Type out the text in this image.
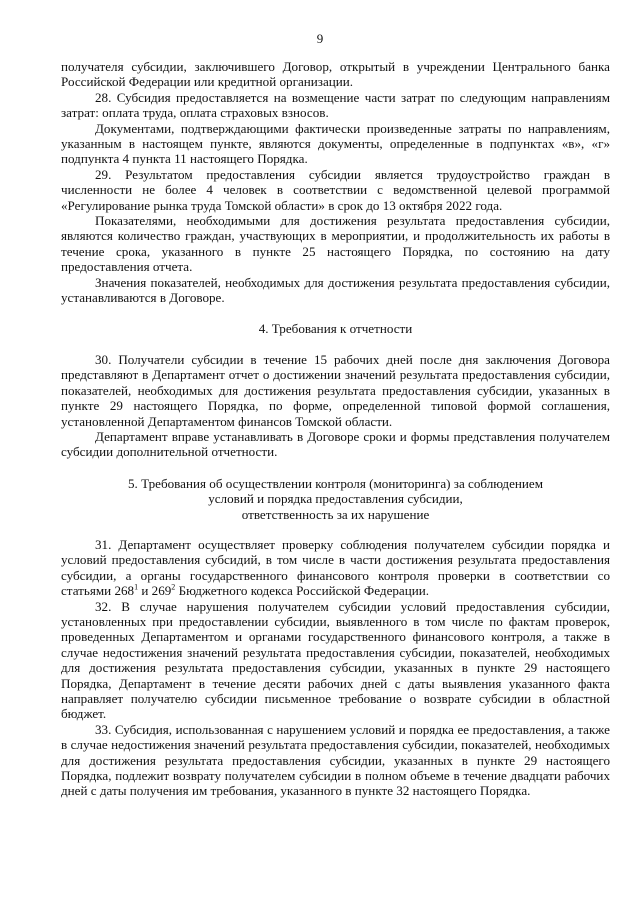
9

получателя субсидии, заключившего Договор, открытый в учреждении Центрального банка Российской Федерации или кредитной организации.

28. Субсидия предоставляется на возмещение части затрат по следующим направлениям затрат: оплата труда, оплата страховых взносов.

Документами, подтверждающими фактически произведенные затраты по направлениям, указанным в настоящем пункте, являются документы, определенные в подпунктах «в», «г» подпункта 4 пункта 11 настоящего Порядка.

29. Результатом предоставления субсидии является трудоустройство граждан в численности не более 4 человек в соответствии с ведомственной целевой программой «Регулирование рынка труда Томской области» в срок до 13 октября 2022 года.

Показателями, необходимыми для достижения результата предоставления субсидии, являются количество граждан, участвующих в мероприятии, и продолжительность их работы в течение срока, указанного в пункте 25 настоящего Порядка, по состоянию на дату предоставления отчета.

Значения показателей, необходимых для достижения результата предоставления субсидии, устанавливаются в Договоре.

4. Требования к отчетности

30. Получатели субсидии в течение 15 рабочих дней после дня заключения Договора представляют в Департамент отчет о достижении значений результата предоставления субсидии, показателей, необходимых для достижения результата предоставления субсидии, указанных в пункте 29 настоящего Порядка, по форме, определенной типовой формой соглашения, установленной Департаментом финансов Томской области.

Департамент вправе устанавливать в Договоре сроки и формы представления получателем субсидии дополнительной отчетности.

5. Требования об осуществлении контроля (мониторинга) за соблюдением
условий и порядка предоставления субсидии,
ответственность за их нарушение

31. Департамент осуществляет проверку соблюдения получателем субсидии порядка и условий предоставления субсидий, в том числе в части достижения результата предоставления субсидии, а органы государственного финансового контроля проверки в соответствии со статьями $268^1$ и $269^2$ Бюджетного кодекса Российской Федерации.

32. В случае нарушения получателем субсидии условий предоставления субсидии, установленных при предоставлении субсидии, выявленного в том числе по фактам проверок, проведенных Департаментом и органами государственного финансового контроля, а также в случае недостижения значений результата предоставления субсидии, показателей, необходимых для достижения результата предоставления субсидии, указанных в пункте 29 настоящего Порядка, Департамент в течение десяти рабочих дней с даты выявления указанного факта направляет получателю субсидии письменное требование о возврате субсидии в областной бюджет.

33. Субсидия, использованная с нарушением условий и порядка ее предоставления, а также в случае недостижения значений результата предоставления субсидии, показателей, необходимых для достижения результата предоставления субсидии, указанных в пункте 29 настоящего Порядка, подлежит возврату получателем субсидии в полном объеме в течение двадцати рабочих дней с даты получения им требования, указанного в пункте 32 настоящего Порядка.
